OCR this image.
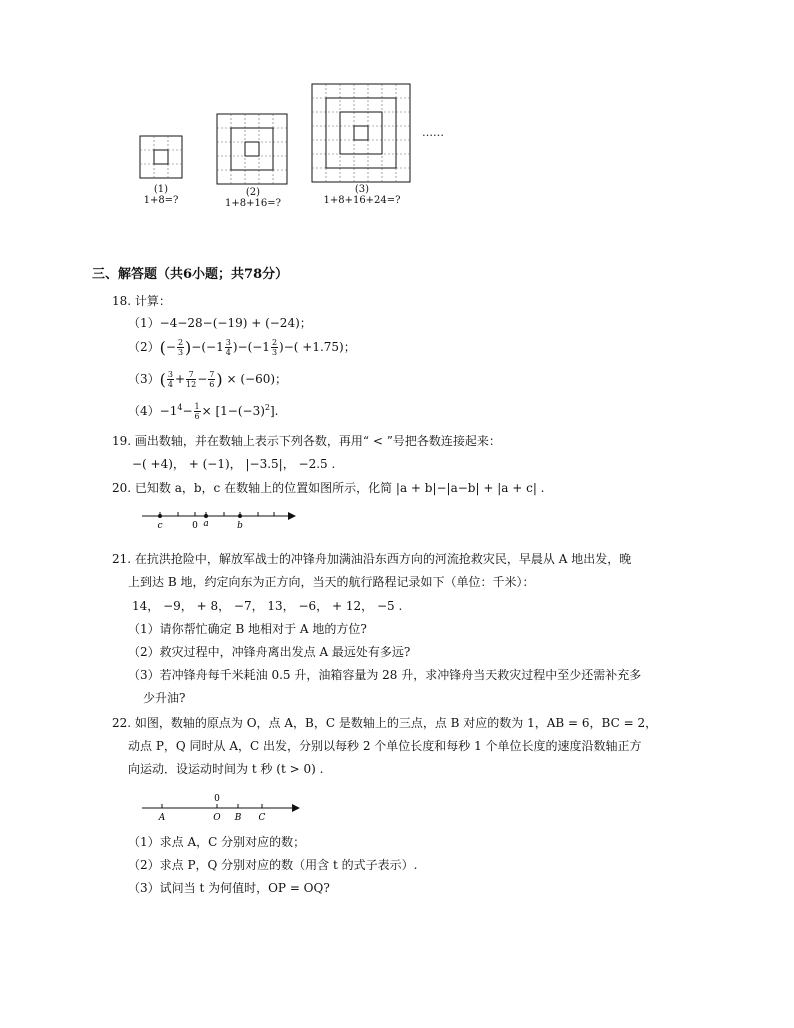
……
(1)
1+8=?
(2)
1+8+16=?
(3)
1+8+16+24=?
三、解答题（共6小题；共78分）
18. 计算：
（1）−4−28−(−19) + (−24)；
$(2)(- \frac{2}{3} )-(-1 \frac{3}{4} )-(-1 \frac{2}{3}$ )−( +1.75)；
$(3)( \frac{3}{4} + \frac{7}{12} - \frac{7}{6}$ ) × (−60)；
$(4)-1^4- \frac{1}{6} \times [1-(-3)^2]$.
19. 画出数轴，并在数轴上表示下列各数，再用“ < ”号把各数连接起来：
−( +4)， + (−1)， |−3.5|， −2.5 .
20. 已知数 a，b，c 在数轴上的位置如图所示，化简 |a + b|−|a−b| + |a + c| .
c	0 a	b
21. 在抗洪抢险中，解放军战士的冲锋舟加满油沿东西方向的河流抢救灾民，早晨从 A 地出发，晚
上到达 B 地，约定向东为正方向，当天的航行路程记录如下（单位：千米）：
14， −9， + 8， −7， 13， −6， + 12， −5 .
（1）请你帮忙确定 B 地相对于 A 地的方位?
（2）救灾过程中，冲锋舟离出发点 A 最远处有多远?
（3）若冲锋舟每千米耗油 0.5 升，油箱容量为 28 升，求冲锋舟当天救灾过程中至少还需补充多
少升油?
22. 如图，数轴的原点为 O，点 A，B，C 是数轴上的三点，点 B 对应的数为 1，AB = 6，BC = 2，
动点 P，Q 同时从 A，C 出发，分别以每秒 2 个单位长度和每秒 1 个单位长度的速度沿数轴正方
向运动．设运动时间为 t 秒 (t > 0) .
0
A	O B C
（1）求点 A，C 分别对应的数；
（2）求点 P，Q 分别对应的数（用含 t 的式子表示）.
（3）试问当 t 为何值时，OP = OQ?
